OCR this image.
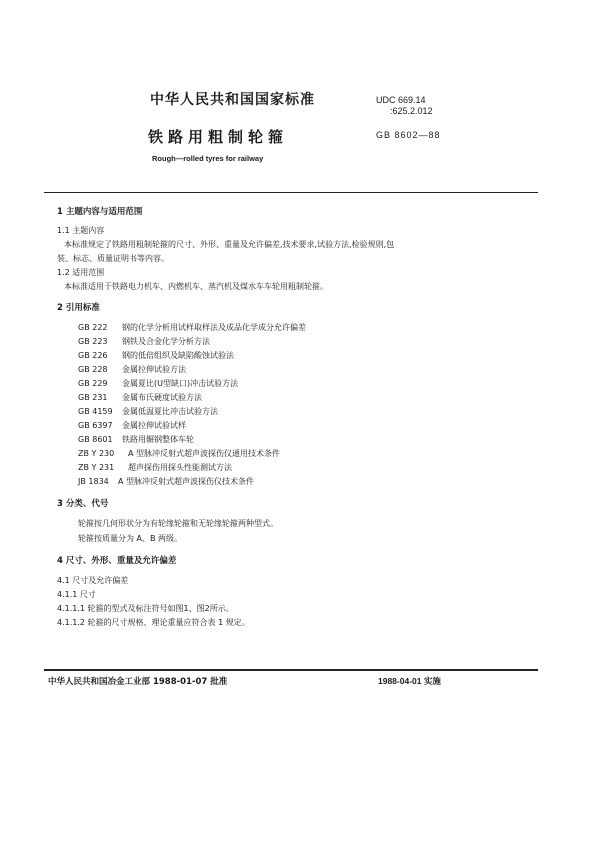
中华人民共和国国家标准	UDC 669.14
:625.2.012
铁路用粗制轮箍	GB 8602—88
Rough—rolled tyres for railway
1 主题内容与适用范围
1.1 主题内容
本标准规定了铁路用粗制轮箍的尺寸、外形、重量及允许偏差,技术要求,试验方法,检验规则,包
装、标志、质量证明书等内容。
1.2 适用范围
本标准适用于铁路电力机车、内燃机车、蒸汽机及煤水车车轮用粗制轮箍。
2 引用标准
GB 222 钢的化学分析用试样取样法及成品化学成分允许偏差
GB 223 钢铁及合金化学分析方法
GB 226 钢的低倍组织及缺陷酸蚀试验法
GB 228 金属拉伸试验方法
GB 229 金属夏比(U型缺口)冲击试验方法
GB 231 金属布氏硬度试验方法
GB 4159 金属低温夏比冲击试验方法
GB 6397 金属拉伸试验试样
GB 8601 铁路用辗钢整体车轮
ZB Y 230 A 型脉冲反射式超声波探伤仪通用技术条件
ZB Y 231 超声探伤用探头性能测试方法
JB 1834 A 型脉冲反射式超声波探伤仪技术条件
3 分类、代号
轮箍按几何形状分为有轮缘轮箍和无轮缘轮箍两种型式。
轮箍按质量分为 A、B 两级。
4 尺寸、外形、重量及允许偏差
4.1 尺寸及允许偏差
4.1.1 尺寸
4.1.1.1 轮箍的型式及标注符号如图1、图2所示。
4.1.1.2 轮箍的尺寸规格、理论重量应符合表 1 规定。
中华人民共和国冶金工业部 1988-01-07 批准	1988-04-01 实施
